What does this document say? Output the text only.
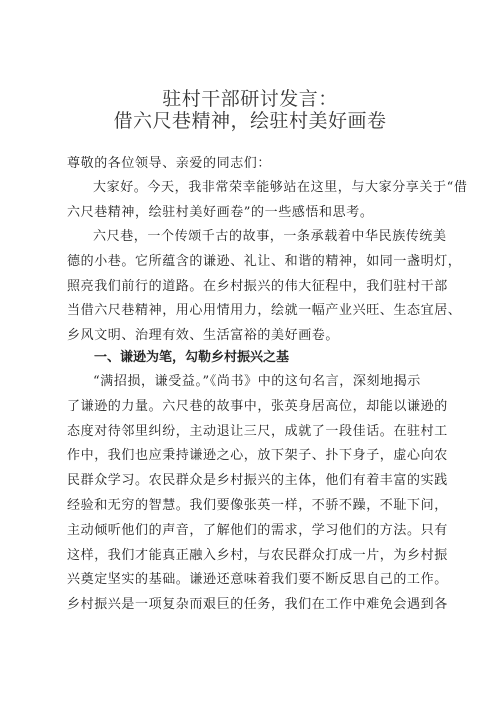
驻村干部研讨发言：
借六尺巷精神，绘驻村美好画卷
尊敬的各位领导、亲爱的同志们：
大家好。今天，我非常荣幸能够站在这里，与大家分享关于“借
六尺巷精神，绘驻村美好画卷”的一些感悟和思考。
六尺巷，一个传颂千古的故事，一条承载着中华民族传统美
德的小巷。它所蕴含的谦逊、礼让、和谐的精神，如同一盏明灯，
照亮我们前行的道路。在乡村振兴的伟大征程中，我们驻村干部
当借六尺巷精神，用心用情用力，绘就一幅产业兴旺、生态宜居、
乡风文明、治理有效、生活富裕的美好画卷。
一、谦逊为笔，勾勒乡村振兴之基
“满招损，谦受益。”《尚书》中的这句名言，深刻地揭示
了谦逊的力量。六尺巷的故事中，张英身居高位，却能以谦逊的
态度对待邻里纠纷，主动退让三尺，成就了一段佳话。在驻村工
作中，我们也应秉持谦逊之心，放下架子、扑下身子，虚心向农
民群众学习。农民群众是乡村振兴的主体，他们有着丰富的实践
经验和无穷的智慧。我们要像张英一样，不骄不躁，不耻下问，
主动倾听他们的声音，了解他们的需求，学习他们的方法。只有
这样，我们才能真正融入乡村，与农民群众打成一片，为乡村振
兴奠定坚实的基础。谦逊还意味着我们要不断反思自己的工作。
乡村振兴是一项复杂而艰巨的任务，我们在工作中难免会遇到各
